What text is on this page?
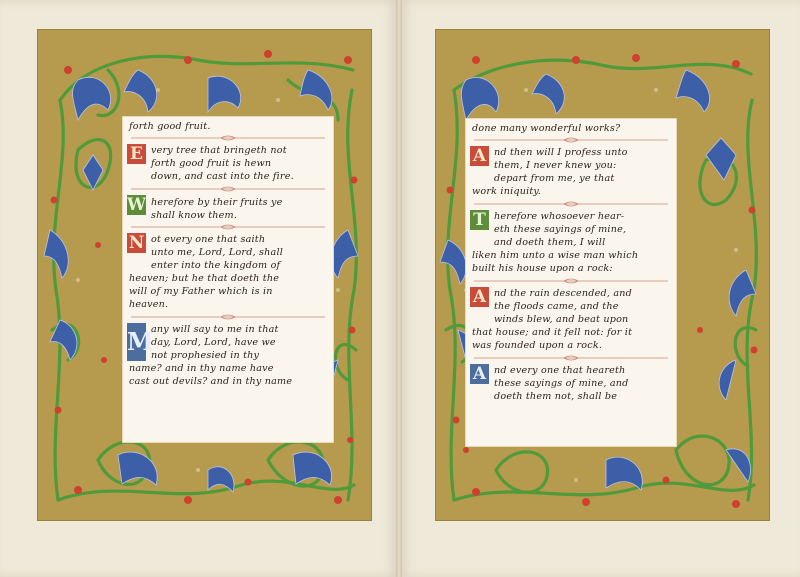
forth good fruit.
E very tree that bringeth not
forth good fruit is hewn
down, and cast into the fire.
W herefore by their fruits ye
shall know them.
N ot every one that saith
unto me, Lord, Lord, shall
enter into the kingdom of
heaven; but he that doeth the
will of my Father which is in
heaven.
M
any will say to me in that
day, Lord, Lord, have we
not prophesied in thy
name? and in thy name have
cast out devils? and in thy name
done many wonderful works?
A nd then will I profess unto
them, I never knew you:
depart from me, ye that
work iniquity.
T herefore whosoever hear-
eth these sayings of mine,
and doeth them, I will
liken him unto a wise man which
built his house upon a rock:
A nd the rain descended, and
the floods came, and the
winds blew, and beat upon
that house; and it fell not: for it
was founded upon a rock.
A nd every one that heareth
these sayings of mine, and
doeth them not, shall be
